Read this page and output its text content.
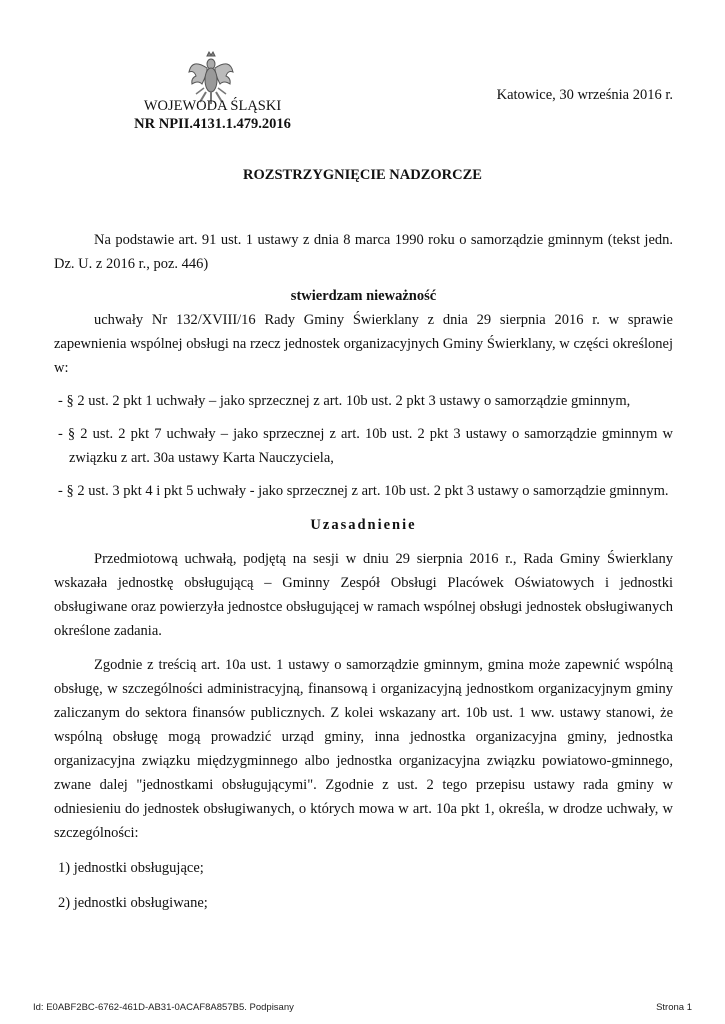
WOJEWODA ŚLĄSKI
NR NPII.4131.1.479.2016
Katowice, 30 września 2016 r.
ROZSTRZYGNIĘCIE NADZORCZE

Na podstawie art. 91 ust. 1 ustawy z dnia 8 marca 1990 roku o samorządzie gminnym (tekst jedn. Dz. U. z 2016 r., poz. 446)

stwierdzam nieważność

uchwały Nr 132/XVIII/16 Rady Gminy Świerklany z dnia 29 sierpnia 2016 r. w sprawie zapewnienia wspólnej obsługi na rzecz jednostek organizacyjnych Gminy Świerklany, w części określonej w:

- § 2 ust. 2 pkt 1 uchwały – jako sprzecznej z art. 10b ust. 2 pkt 3 ustawy o samorządzie gminnym,

- § 2 ust. 2 pkt 7 uchwały – jako sprzecznej z art. 10b ust. 2 pkt 3 ustawy o samorządzie gminnym w związku z art. 30a ustawy Karta Nauczyciela,

- § 2 ust. 3 pkt 4 i pkt 5 uchwały - jako sprzecznej z art. 10b ust. 2 pkt 3 ustawy o samorządzie gminnym.

Uzasadnienie

Przedmiotową uchwałą, podjętą na sesji w dniu 29 sierpnia 2016 r., Rada Gminy Świerklany wskazała jednostkę obsługującą – Gminny Zespół Obsługi Placówek Oświatowych i jednostki obsługiwane oraz powierzyła jednostce obsługującej w ramach wspólnej obsługi jednostek obsługiwanych określone zadania.

Zgodnie z treścią art. 10a ust. 1 ustawy o samorządzie gminnym, gmina może zapewnić wspólną obsługę, w szczególności administracyjną, finansową i organizacyjną jednostkom organizacyjnym gminy zaliczanym do sektora finansów publicznych. Z kolei wskazany art. 10b ust. 1 ww. ustawy stanowi, że wspólną obsługę mogą prowadzić urząd gminy, inna jednostka organizacyjna gminy, jednostka organizacyjna związku międzygminnego albo jednostka organizacyjna związku powiatowo-gminnego, zwane dalej "jednostkami obsługującymi". Zgodnie z ust. 2 tego przepisu ustawy rada gminy w odniesieniu do jednostek obsługiwanych, o których mowa w art. 10a pkt 1, określa, w drodze uchwały, w szczególności:

1) jednostki obsługujące;

2) jednostki obsługiwane;

Id: E0ABF2BC-6762-461D-AB31-0ACAF8A857B5. Podpisany	Strona 1
